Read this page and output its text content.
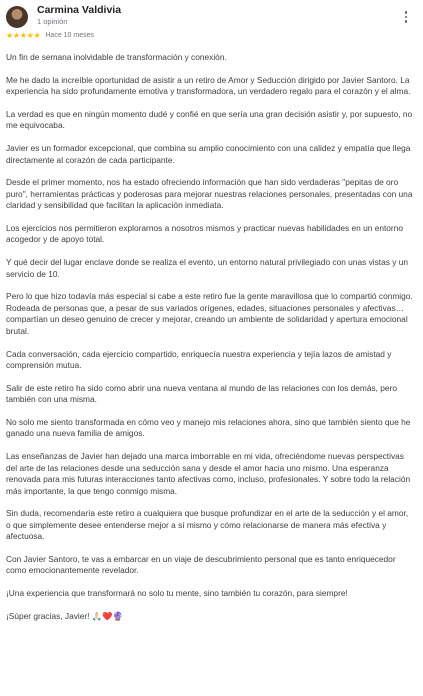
Carmina Valdivia
1 opinión
★★★★★ Hace 10 meses

Un fin de semana inolvidable de transformación y conexión.

Me he dado la increíble oportunidad de asistir a un retiro de Amor y Seducción dirigido por Javier Santoro. La experiencia ha sido profundamente emotiva y transformadora, un verdadero regalo para el corazón y el alma.

La verdad es que en ningún momento dudé y confié en que sería una gran decisión asistir y, por supuesto, no me equivocaba.

Javier es un formador excepcional, que combina su amplio conocimiento con una calidez y empatía que llega directamente al corazón de cada participante.

Desde el primer momento, nos ha estado ofreciendo información que han sido verdaderas "pepitas de oro puro", herramientas prácticas y poderosas para mejorar nuestras relaciones personales, presentadas con una claridad y sensibilidad que facilitan la aplicación inmediata.

Los ejercicios nos permitieron explorarnos a nosotros mismos y practicar nuevas habilidades en un entorno acogedor y de apoyo total.

Y qué decir del lugar enclave donde se realiza el evento, un entorno natural privilegiado con unas vistas y un servicio de 10.

Pero lo que hizo todavía más especial si cabe a este retiro fue la gente maravillosa que lo compartió conmigo. Rodeada de personas que, a pesar de sus variados orígenes, edades, situaciones personales y afectivas… compartían un deseo genuino de crecer y mejorar, creando un ambiente de solidaridad y apertura emocional brutal.

Cada conversación, cada ejercicio compartido, enriquecía nuestra experiencia y tejía lazos de amistad y comprensión mutua.

Salir de este retiro ha sido como abrir una nueva ventana al mundo de las relaciones con los demás, pero también con una misma.

No solo me siento transformada en cómo veo y manejo mis relaciones ahora, sino que también siento que he ganado una nueva familia de amigos.

Las enseñanzas de Javier han dejado una marca imborrable en mi vida, ofreciéndome nuevas perspectivas del arte de las relaciones desde una seducción sana y desde el amor hacia uno mismo. Una esperanza renovada para mis futuras interacciones tanto afectivas como, incluso, profesionales. Y sobre todo la relación más importante, la que tengo conmigo misma.

Sin duda, recomendaría este retiro a cualquiera que busque profundizar en el arte de la seducción y el amor, o que simplemente desee entenderse mejor a sí mismo y cómo relacionarse de manera más efectiva y afectuosa.

Con Javier Santoro, te vas a embarcar en un viaje de descubrimiento personal que es tanto enriquecedor como emocionantemente revelador.

¡Una experiencia que transformará no solo tu mente, sino también tu corazón, para siempre!

¡Súper gracias, Javier! 🙏🏻❤️🔮
